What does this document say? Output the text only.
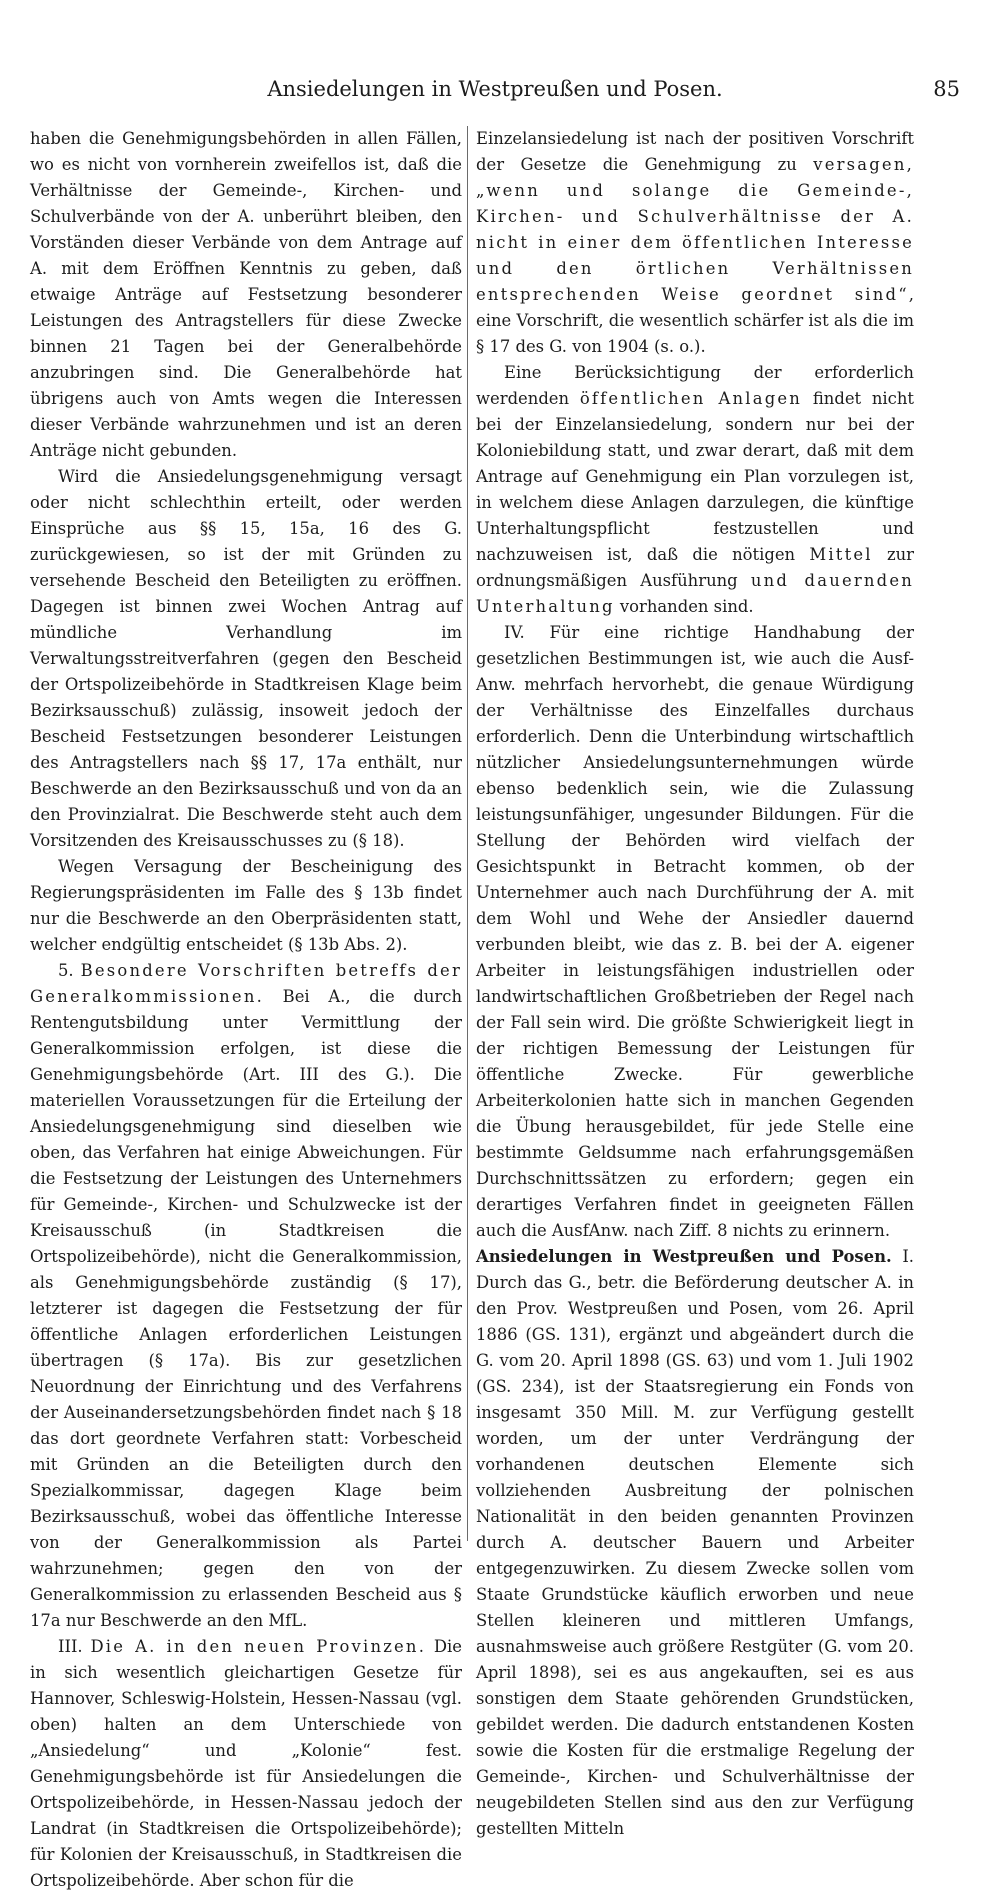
Ansiedelungen in Westpreußen und Posen.	85

haben die Genehmigungsbehörden in allen Fällen, wo es nicht von vornherein zweifellos ist, daß die Verhältnisse der Gemeinde-, Kirchen- und Schulverbände von der A. unberührt bleiben, den Vorständen dieser Verbände von dem Antrage auf A. mit dem Eröffnen Kenntnis zu geben, daß etwaige Anträge auf Festsetzung besonderer Leistungen des Antragstellers für diese Zwecke binnen 21 Tagen bei der Generalbehörde anzubringen sind. Die Generalbehörde hat übrigens auch von Amts wegen die Interessen dieser Verbände wahrzunehmen und ist an deren Anträge nicht gebunden.

Wird die Ansiedelungsgenehmigung versagt oder nicht schlechthin erteilt, oder werden Einsprüche aus §§ 15, 15a, 16 des G. zurückgewiesen, so ist der mit Gründen zu versehende Bescheid den Beteiligten zu eröffnen. Dagegen ist binnen zwei Wochen Antrag auf mündliche Verhandlung im Verwaltungsstreitverfahren (gegen den Bescheid der Ortspolizeibehörde in Stadtkreisen Klage beim Bezirksausschuß) zulässig, insoweit jedoch der Bescheid Festsetzungen besonderer Leistungen des Antragstellers nach §§ 17, 17a enthält, nur Beschwerde an den Bezirksausschuß und von da an den Provinzialrat. Die Beschwerde steht auch dem Vorsitzenden des Kreisausschusses zu (§ 18).

Wegen Versagung der Bescheinigung des Regierungspräsidenten im Falle des § 13b findet nur die Beschwerde an den Oberpräsidenten statt, welcher endgültig entscheidet (§ 13b Abs. 2).

5. Besondere Vorschriften betreffs der Generalkommissionen. Bei A., die durch Rentengutsbildung unter Vermittlung der Generalkommission erfolgen, ist diese die Genehmigungsbehörde (Art. III des G.). Die materiellen Voraussetzungen für die Erteilung der Ansiedelungsgenehmigung sind dieselben wie oben, das Verfahren hat einige Abweichungen. Für die Festsetzung der Leistungen des Unternehmers für Gemeinde-, Kirchen- und Schulzwecke ist der Kreisausschuß (in Stadtkreisen die Ortspolizeibehörde), nicht die Generalkommission, als Genehmigungsbehörde zuständig (§ 17), letzterer ist dagegen die Festsetzung der für öffentliche Anlagen erforderlichen Leistungen übertragen (§ 17a). Bis zur gesetzlichen Neuordnung der Einrichtung und des Verfahrens der Auseinandersetzungsbehörden findet nach § 18 das dort geordnete Verfahren statt: Vorbescheid mit Gründen an die Beteiligten durch den Spezialkommissar, dagegen Klage beim Bezirksausschuß, wobei das öffentliche Interesse von der Generalkommission als Partei wahrzunehmen; gegen den von der Generalkommission zu erlassenden Bescheid aus § 17a nur Beschwerde an den MfL.

III. Die A. in den neuen Provinzen. Die in sich wesentlich gleichartigen Gesetze für Hannover, Schleswig-Holstein, Hessen-Nassau (vgl. oben) halten an dem Unterschiede von „Ansiedelung“ und „Kolonie“ fest. Genehmigungsbehörde ist für Ansiedelungen die Ortspolizeibehörde, in Hessen-Nassau jedoch der Landrat (in Stadtkreisen die Ortspolizeibehörde); für Kolonien der Kreisausschuß, in Stadtkreisen die Ortspolizeibehörde. Aber schon für die

Einzelansiedelung ist nach der positiven Vorschrift der Gesetze die Genehmigung zu versagen, „wenn und solange die Gemeinde-, Kirchen- und Schulverhältnisse der A. nicht in einer dem öffentlichen Interesse und den örtlichen Verhältnissen entsprechenden Weise geordnet sind“, eine Vorschrift, die wesentlich schärfer ist als die im § 17 des G. von 1904 (s. o.).

Eine Berücksichtigung der erforderlich werdenden öffentlichen Anlagen findet nicht bei der Einzelansiedelung, sondern nur bei der Koloniebildung statt, und zwar derart, daß mit dem Antrage auf Genehmigung ein Plan vorzulegen ist, in welchem diese Anlagen darzulegen, die künftige Unterhaltungspflicht festzustellen und nachzuweisen ist, daß die nötigen Mittel zur ordnungsmäßigen Ausführung und dauernden Unterhaltung vorhanden sind.

IV. Für eine richtige Handhabung der gesetzlichen Bestimmungen ist, wie auch die Ausf-Anw. mehrfach hervorhebt, die genaue Würdigung der Verhältnisse des Einzelfalles durchaus erforderlich. Denn die Unterbindung wirtschaftlich nützlicher Ansiedelungsunternehmungen würde ebenso bedenklich sein, wie die Zulassung leistungsunfähiger, ungesunder Bildungen. Für die Stellung der Behörden wird vielfach der Gesichtspunkt in Betracht kommen, ob der Unternehmer auch nach Durchführung der A. mit dem Wohl und Wehe der Ansiedler dauernd verbunden bleibt, wie das z. B. bei der A. eigener Arbeiter in leistungsfähigen industriellen oder landwirtschaftlichen Großbetrieben der Regel nach der Fall sein wird. Die größte Schwierigkeit liegt in der richtigen Bemessung der Leistungen für öffentliche Zwecke. Für gewerbliche Arbeiterkolonien hatte sich in manchen Gegenden die Übung herausgebildet, für jede Stelle eine bestimmte Geldsumme nach erfahrungsgemäßen Durchschnittssätzen zu erfordern; gegen ein derartiges Verfahren findet in geeigneten Fällen auch die AusfAnw. nach Ziff. 8 nichts zu erinnern.

Ansiedelungen in Westpreußen und Posen. I. Durch das G., betr. die Beförderung deutscher A. in den Prov. Westpreußen und Posen, vom 26. April 1886 (GS. 131), ergänzt und abgeändert durch die G. vom 20. April 1898 (GS. 63) und vom 1. Juli 1902 (GS. 234), ist der Staatsregierung ein Fonds von insgesamt 350 Mill. M. zur Verfügung gestellt worden, um der unter Verdrängung der vorhandenen deutschen Elemente sich vollziehenden Ausbreitung der polnischen Nationalität in den beiden genannten Provinzen durch A. deutscher Bauern und Arbeiter entgegenzuwirken. Zu diesem Zwecke sollen vom Staate Grundstücke käuflich erworben und neue Stellen kleineren und mittleren Umfangs, ausnahmsweise auch größere Restgüter (G. vom 20. April 1898), sei es aus angekauften, sei es aus sonstigen dem Staate gehörenden Grundstücken, gebildet werden. Die dadurch entstandenen Kosten sowie die Kosten für die erstmalige Regelung der Gemeinde-, Kirchen- und Schulverhältnisse der neugebildeten Stellen sind aus den zur Verfügung gestellten Mitteln
